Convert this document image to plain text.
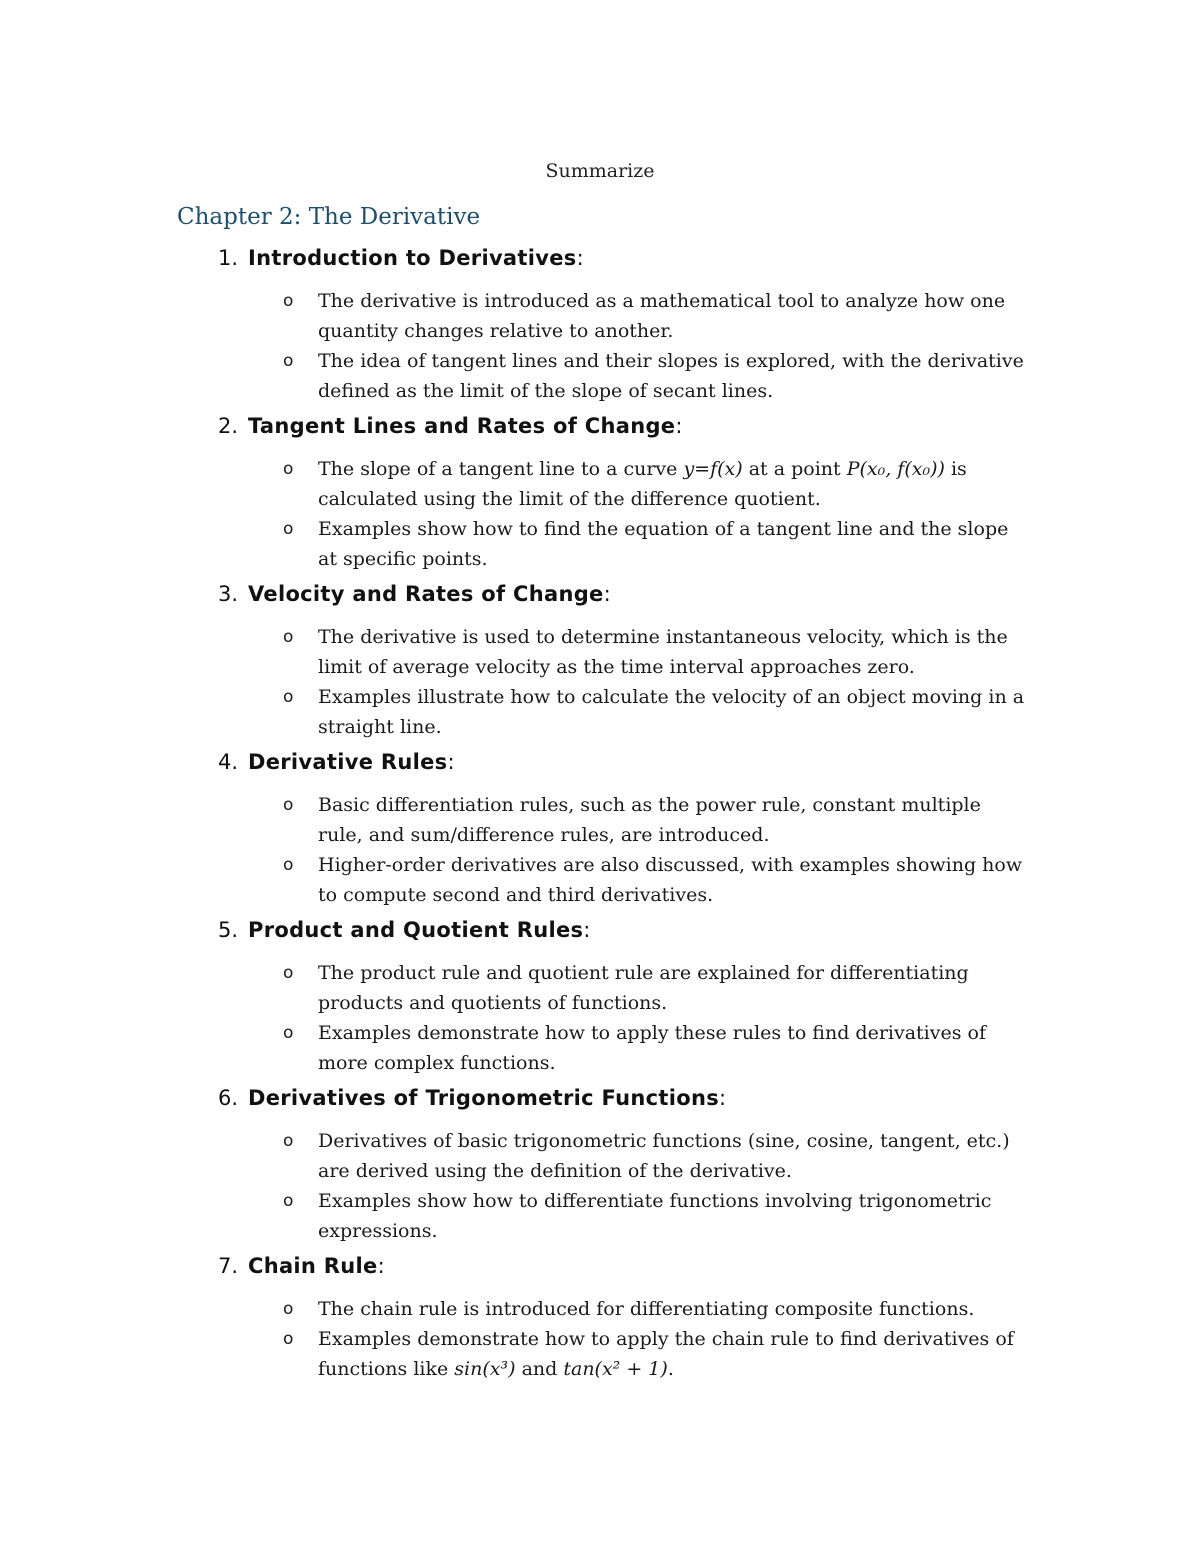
Summarize
Chapter 2: The Derivative
1. Introduction to Derivatives :
o The derivative is introduced as a mathematical tool to analyze how one quantity changes relative to another.
o The idea of tangent lines and their slopes is explored, with the derivative defined as the limit of the slope of secant lines.
2. Tangent Lines and Rates of Change :
o The slope of a tangent line to a curve y=f(x) at a point P(x₀, f(x₀)) is calculated using the limit of the difference quotient.
o Examples show how to find the equation of a tangent line and the slope at specific points.
3. Velocity and Rates of Change :
o The derivative is used to determine instantaneous velocity, which is the limit of average velocity as the time interval approaches zero.
o Examples illustrate how to calculate the velocity of an object moving in a straight line.
4. Derivative Rules :
o Basic differentiation rules, such as the power rule, constant multiple rule, and sum/difference rules, are introduced.
o Higher-order derivatives are also discussed, with examples showing how to compute second and third derivatives.
5. Product and Quotient Rules :
o The product rule and quotient rule are explained for differentiating products and quotients of functions.
o Examples demonstrate how to apply these rules to find derivatives of more complex functions.
6. Derivatives of Trigonometric Functions :
o Derivatives of basic trigonometric functions (sine, cosine, tangent, etc.) are derived using the definition of the derivative.
o Examples show how to differentiate functions involving trigonometric expressions.
7. Chain Rule :
o The chain rule is introduced for differentiating composite functions.
o Examples demonstrate how to apply the chain rule to find derivatives of functions like sin(x³) and tan(x² + 1).
